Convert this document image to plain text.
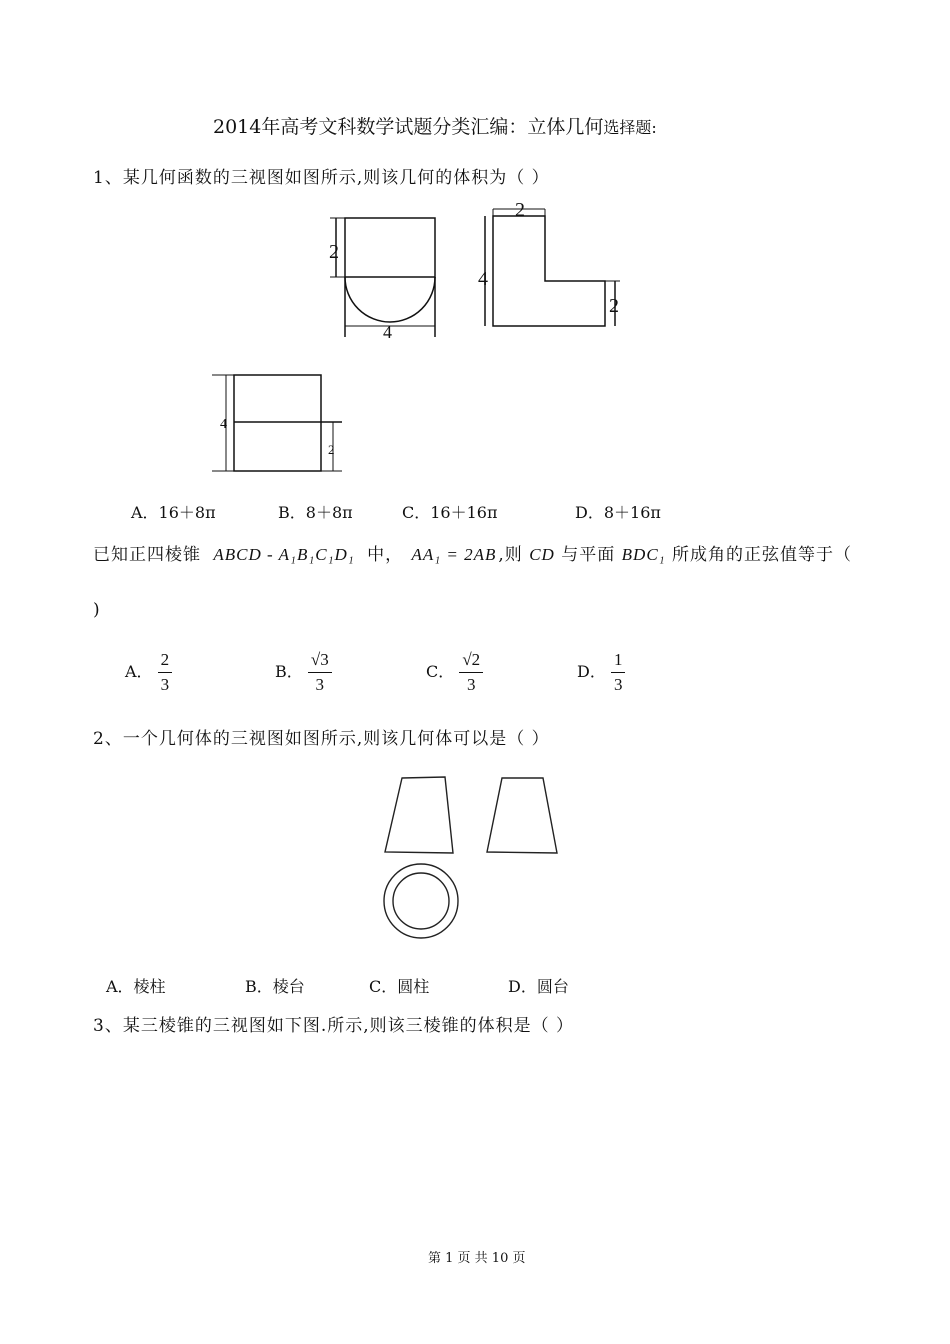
2014年高考文科数学试题分类汇编：立体几何选择题:
1、某几何函数的三视图如图所示,则该几何的体积为（ ）
2
4
2
4
2
4
2
A．16＋8π	B．8＋8π	C．16＋16π	D．8＋16π
已知正四棱锥 ABCD - A₁B₁C₁D₁ 中， AA₁ = 2AB ,则 CD 与平面 BDC₁ 所成角的正弦值等于（
)
A． $\frac{2}{3}$	B． $\frac{√3}{3}$	C． $\frac{√2}{3}$	D． $\frac{1}{3}$
2、一个几何体的三视图如图所示,则该几何体可以是（ ）
A．棱柱	B．棱台	C．圆柱	D．圆台
3、某三棱锥的三视图如下图.所示,则该三棱锥的体积是（ ）
第 1 页 共 10 页
